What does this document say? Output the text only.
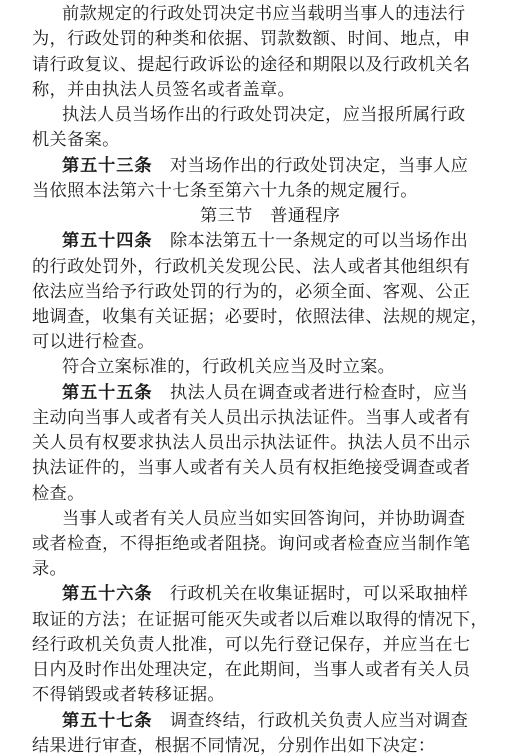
前款规定的行政处罚决定书应当载明当事人的违法行
为，行政处罚的种类和依据、罚款数额、时间、地点，申
请行政复议、提起行政诉讼的途径和期限以及行政机关名
称，并由执法人员签名或者盖章。
执法人员当场作出的行政处罚决定，应当报所属行政
机关备案。
第五十三条　 对当场作出的行政处罚决定，当事人应
当依照本法第六十七条至第六十九条的规定履行。
第三节　普通程序
第五十四条　 除本法第五十一条规定的可以当场作出
的行政处罚外，行政机关发现公民、法人或者其他组织有
依法应当给予行政处罚的行为的，必须全面、客观、公正
地调查，收集有关证据；必要时，依照法律、法规的规定，
可以进行检查。
符合立案标准的，行政机关应当及时立案。
第五十五条　 执法人员在调查或者进行检查时，应当
主动向当事人或者有关人员出示执法证件。当事人或者有
关人员有权要求执法人员出示执法证件。执法人员不出示
执法证件的，当事人或者有关人员有权拒绝接受调查或者
检查。
当事人或者有关人员应当如实回答询问，并协助调查
或者检查，不得拒绝或者阻挠。询问或者检查应当制作笔
录。
第五十六条　 行政机关在收集证据时，可以采取抽样
取证的方法；在证据可能灭失或者以后难以取得的情况下，
经行政机关负责人批准，可以先行登记保存，并应当在七
日内及时作出处理决定，在此期间，当事人或者有关人员
不得销毁或者转移证据。
第五十七条　 调查终结，行政机关负责人应当对调查
结果进行审查，根据不同情况，分别作出如下决定：
